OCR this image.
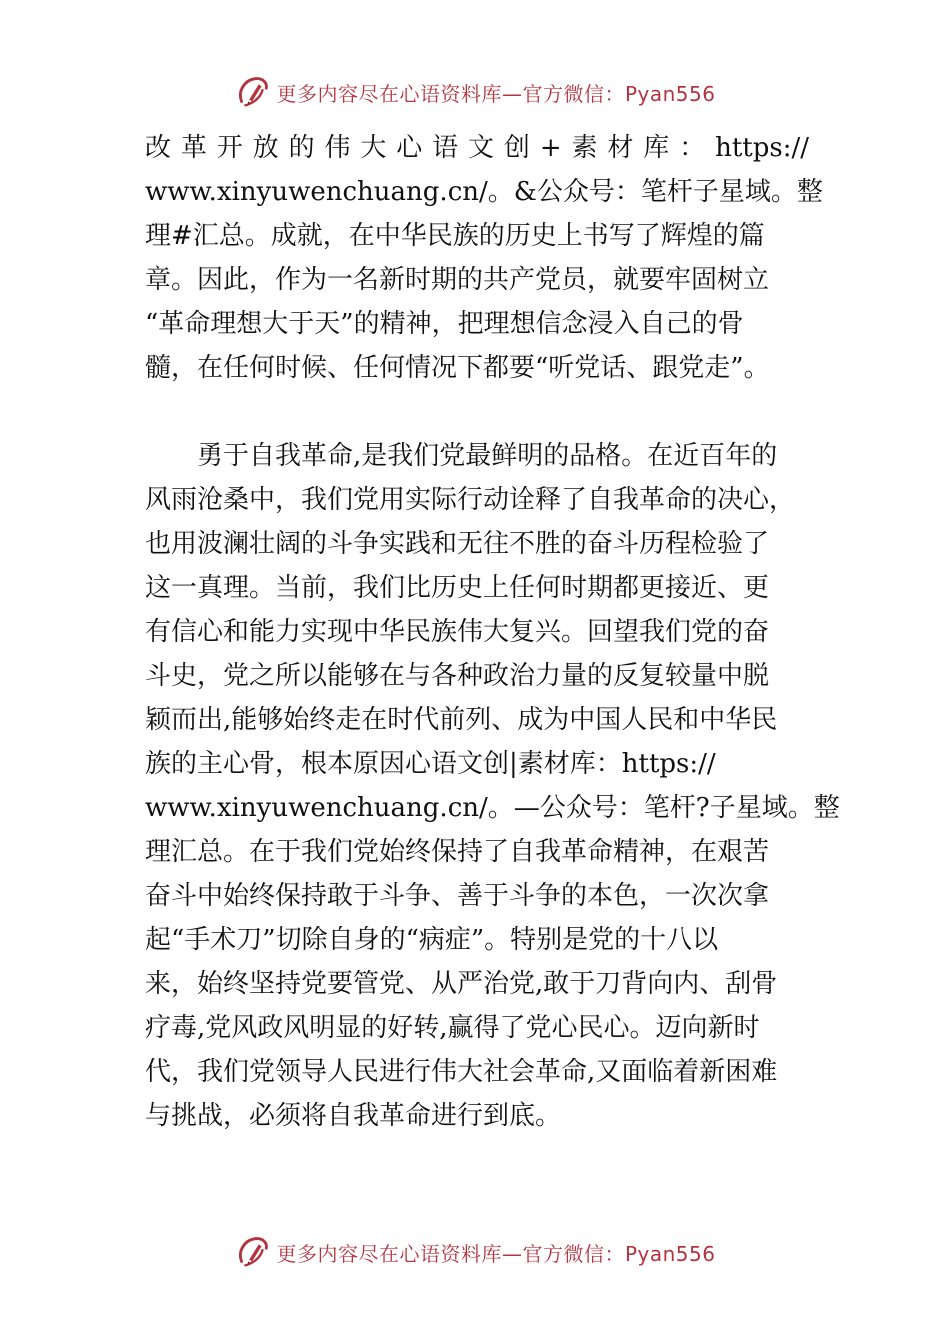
更多内容尽在心语资料库—官方微信：Pyan556
改革开放的伟大心语文创+素材库：https://
www.xinyuwenchuang.cn/。&公众号：笔杆子星域。整
理#汇总。成就，在中华民族的历史上书写了辉煌的篇
章。因此，作为一名新时期的共产党员，就要牢固树立
“革命理想大于天”的精神，把理想信念浸入自己的骨
髓，在任何时候、任何情况下都要“听党话、跟党走”。
勇于自我革命,是我们党最鲜明的品格。在近百年的
风雨沧桑中，我们党用实际行动诠释了自我革命的决心，
也用波澜壮阔的斗争实践和无往不胜的奋斗历程检验了
这一真理。当前，我们比历史上任何时期都更接近、更
有信心和能力实现中华民族伟大复兴。回望我们党的奋
斗史，党之所以能够在与各种政治力量的反复较量中脱
颖而出,能够始终走在时代前列、成为中国人民和中华民
族的主心骨，根本原因心语文创|素材库：https://
www.xinyuwenchuang.cn/。—公众号：笔杆?子星域。整
理汇总。在于我们党始终保持了自我革命精神，在艰苦
奋斗中始终保持敢于斗争、善于斗争的本色，一次次拿
起“手术刀”切除自身的“病症”。特别是党的十八以
来，始终坚持党要管党、从严治党,敢于刀背向内、刮骨
疗毒,党风政风明显的好转,赢得了党心民心。迈向新时
代，我们党领导人民进行伟大社会革命,又面临着新困难
与挑战，必须将自我革命进行到底。
更多内容尽在心语资料库—官方微信：Pyan556
